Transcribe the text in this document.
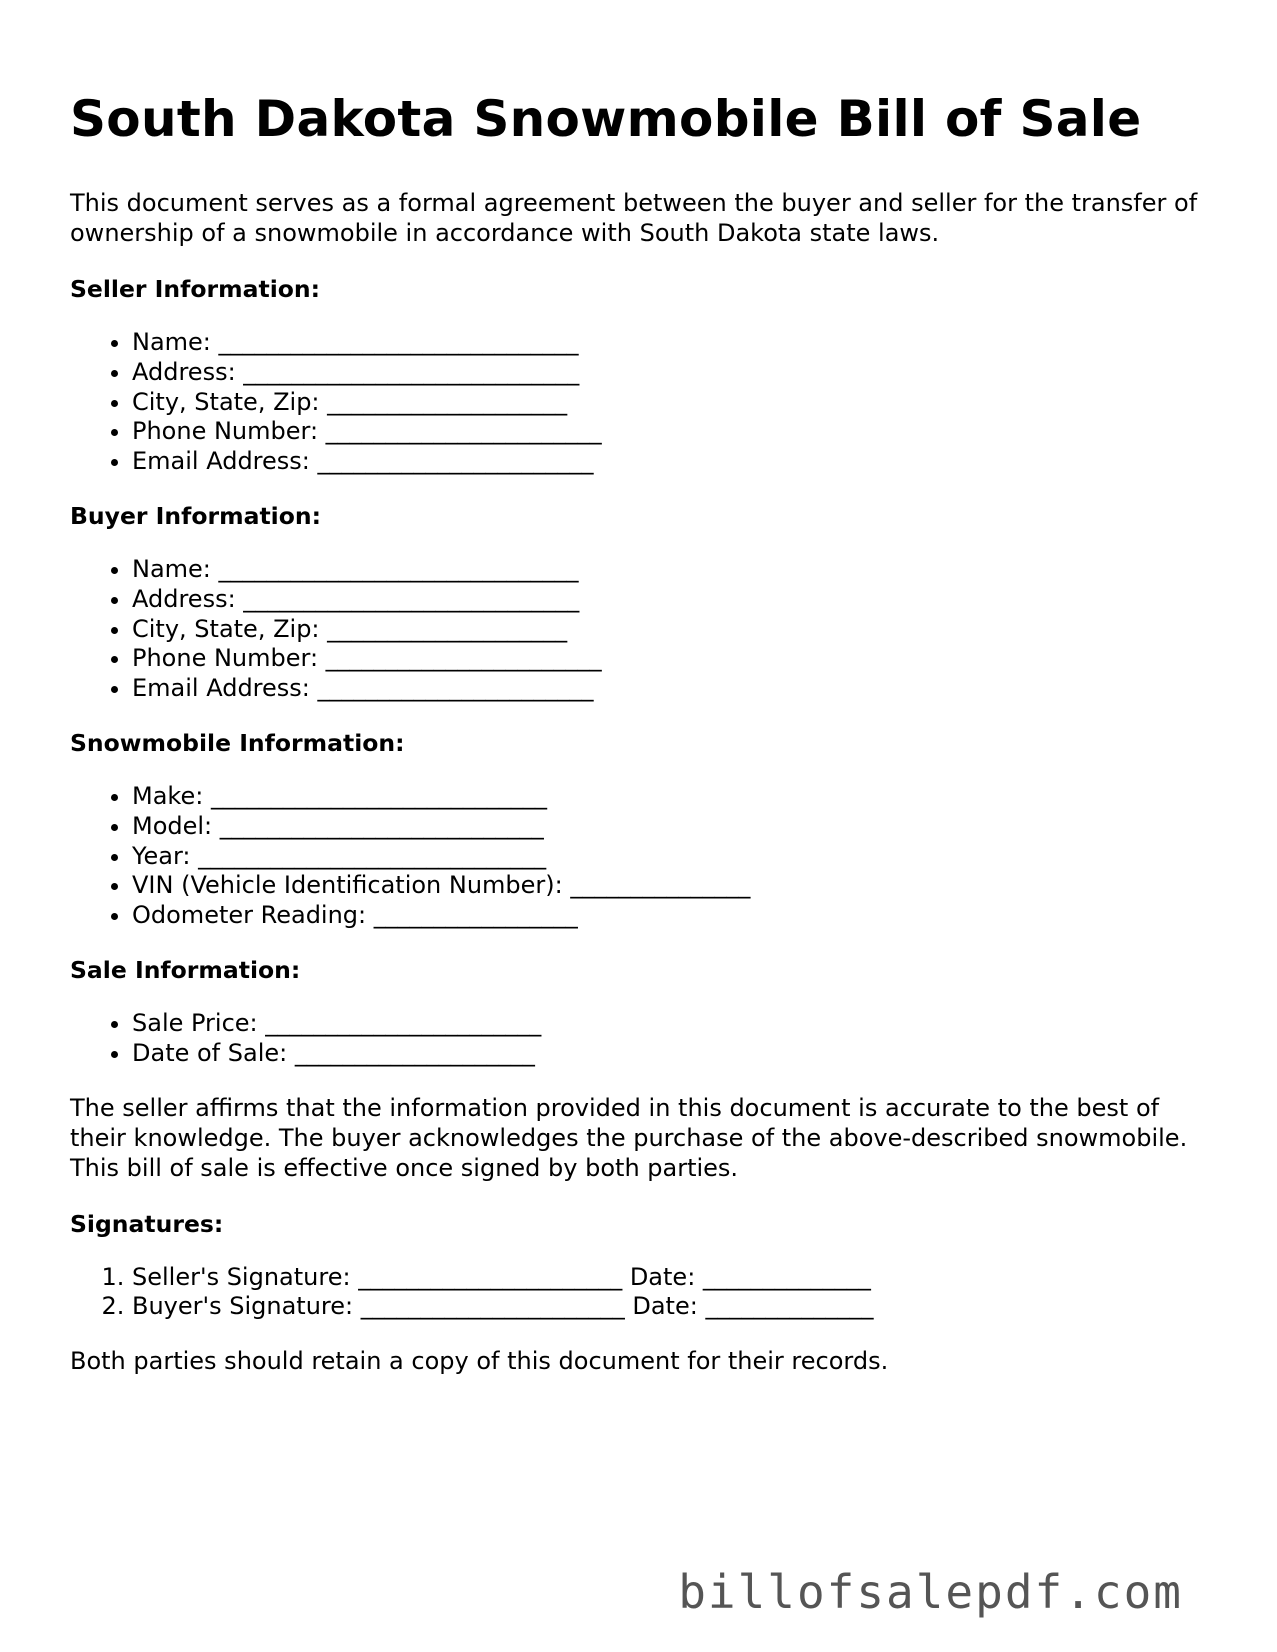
South Dakota Snowmobile Bill of Sale

This document serves as a formal agreement between the buyer and seller for the transfer of ownership of a snowmobile in accordance with South Dakota state laws.

Seller Information:
• Name: ______________________________
• Address: ____________________________
• City, State, Zip: ____________________
• Phone Number: _______________________
• Email Address: _______________________
Buyer Information:
• Name: ______________________________
• Address: ____________________________
• City, State, Zip: ____________________
• Phone Number: _______________________
• Email Address: _______________________
Snowmobile Information:
• Make: ____________________________
• Model: ___________________________
• Year: _____________________________
• VIN (Vehicle Identification Number): _______________
• Odometer Reading: _________________
Sale Information:
• Sale Price: _______________________
• Date of Sale: ____________________

The seller affirms that the information provided in this document is accurate to the best of their knowledge. The buyer acknowledges the purchase of the above-described snowmobile. This bill of sale is effective once signed by both parties.

Signatures:
1. Seller's Signature: ______________________ Date: ______________
2. Buyer's Signature: ______________________ Date: ______________

Both parties should retain a copy of this document for their records.

billofsalepdf.com
